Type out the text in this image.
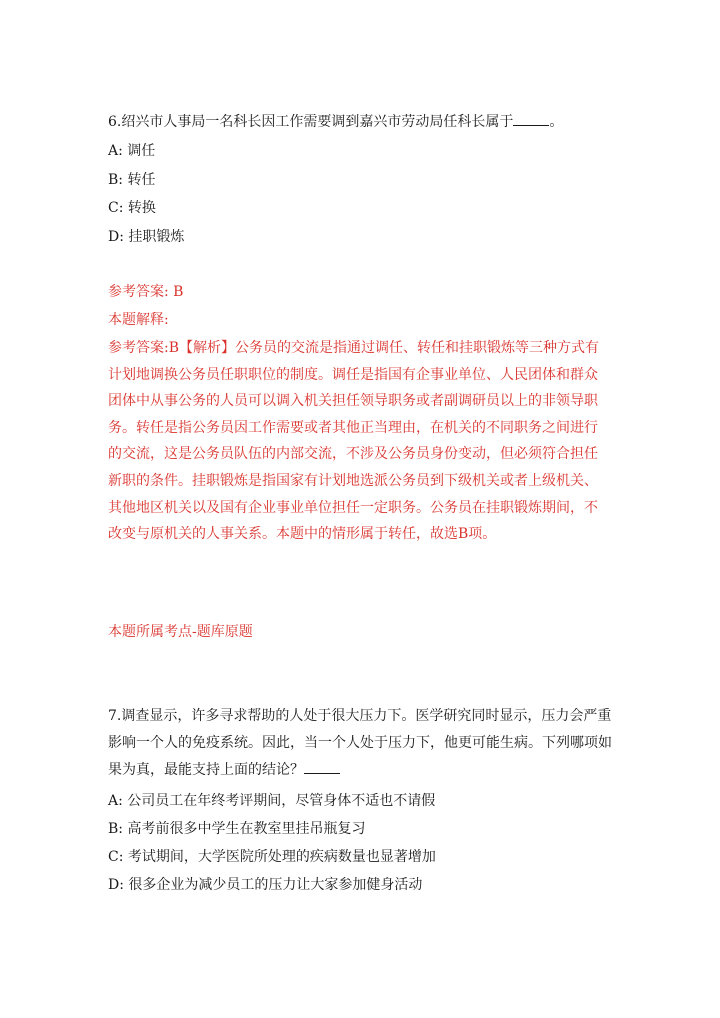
6.绍兴市人事局一名科长因工作需要调到嘉兴市劳动局任科长属于	。
A: 调任
B: 转任
C: 转换
D: 挂职锻炼
参考答案: B
本题解释:
参考答案:B【解析】公务员的交流是指通过调任、转任和挂职锻炼等三种方式有计划地调换公务员任职职位的制度。调任是指国有企事业单位、人民团体和群众团体中从事公务的人员可以调入机关担任领导职务或者副调研员以上的非领导职务。转任是指公务员因工作需要或者其他正当理由，在机关的不同职务之间进行的交流，这是公务员队伍的内部交流，不涉及公务员身份变动，但必须符合担任新职的条件。挂职锻炼是指国家有计划地选派公务员到下级机关或者上级机关、其他地区机关以及国有企业事业单位担任一定职务。公务员在挂职锻炼期间，不改变与原机关的人事关系。本题中的情形属于转任，故选B项。
本题所属考点-题库原题
7.调查显示，许多寻求帮助的人处于很大压力下。医学研究同时显示，压力会严重影响一个人的免疫系统。因此，当一个人处于压力下，他更可能生病。下列哪项如果为真，最能支持上面的结论？
A: 公司员工在年终考评期间，尽管身体不适也不请假
B: 高考前很多中学生在教室里挂吊瓶复习
C: 考试期间，大学医院所处理的疾病数量也显著增加
D: 很多企业为减少员工的压力让大家参加健身活动
